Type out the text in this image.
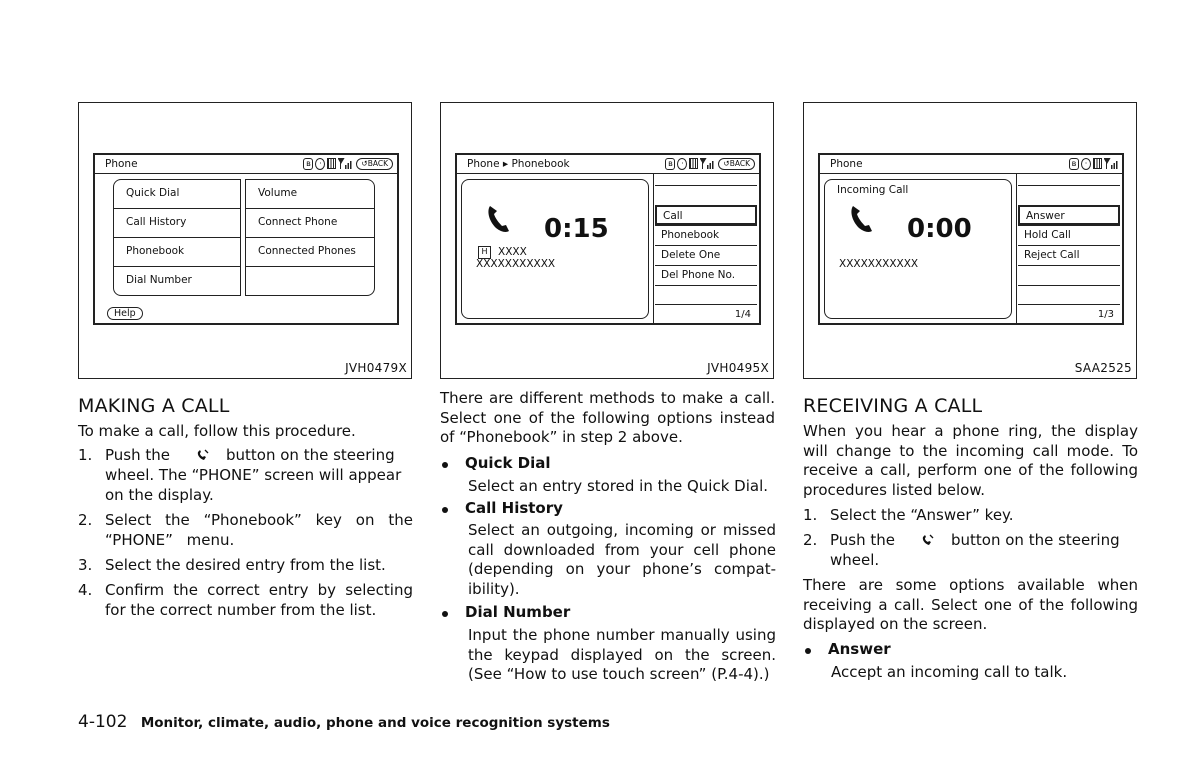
Phone	ʙ	·	↺BACK
Quick Dial
Call History
Phonebook
Dial Number
Volume
Connect Phone
Connected Phones
Help
JVH0479X
Phone ▸ Phonebook	ʙ	·	↺BACK
0:15
H	XXXX
XXXXXXXXXXX
Call
Phonebook
Delete One
Del Phone No.
1/4
JVH0495X
Phone	ʙ	·
Incoming Call
0:00
XXXXXXXXXXX
Answer
Hold Call
Reject Call
1/3
SAA2525
MAKING A CALL

To make a call, follow this procedure.

1. Push the	button on the steering

wheel. The “PHONE” screen will appear on the display.

2. Select the “Phonebook” key on the “PHONE” menu.

3. Select the desired entry from the list.

4. Confirm the correct entry by selecting for the correct number from the list.

There are different methods to make a call. Select one of the following options instead of “Phonebook” in step 2 above.

Quick Dial

Select an entry stored in the Quick Dial.

Call History

Select an outgoing, incoming or missed call downloaded from your cell phone (depending on your phone’s compat-ibility).

Dial Number

Input the phone number manually using the keypad displayed on the screen. (See “How to use touch screen” (P.4-4).)

RECEIVING A CALL

When you hear a phone ring, the display will change to the incoming call mode. To receive a call, perform one of the following procedures listed below.

1. Select the “Answer” key.

2. Push the	button on the steering

wheel.

There are some options available when receiving a call. Select one of the following displayed on the screen.

Answer

Accept an incoming call to talk.

4-102 Monitor, climate, audio, phone and voice recognition systems
